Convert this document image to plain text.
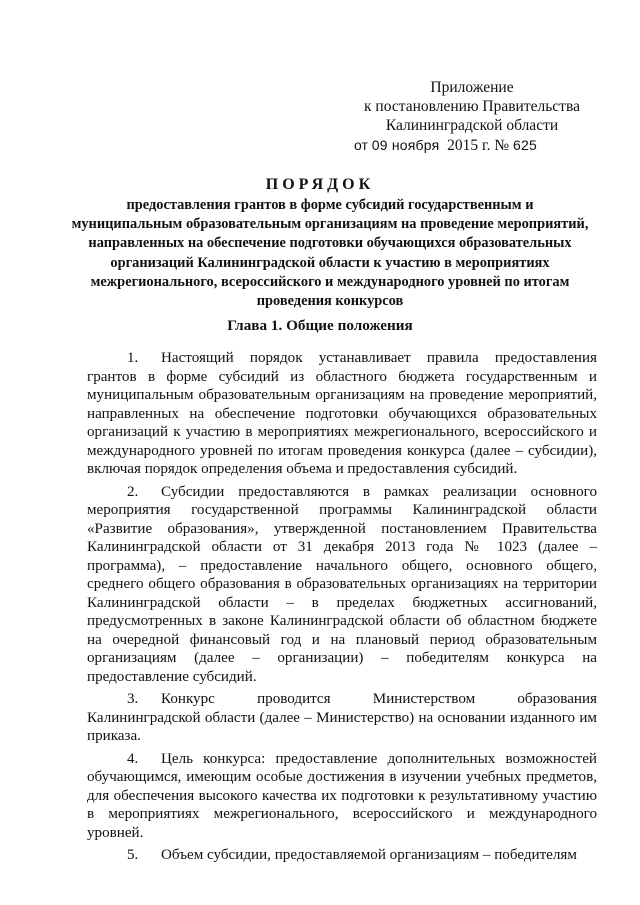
Приложение
к постановлению Правительства
Калининградской области
от 09 ноября 2015 г. № 625
ПОРЯДОК
предоставления грантов в форме субсидий государственным и муниципальным образовательным организациям на проведение мероприятий, направленных на обеспечение подготовки обучающихся образовательных организаций Калининградской области к участию в мероприятиях межрегионального, всероссийского и международного уровней по итогам проведения конкурсов
Глава 1. Общие положения

1. Настоящий порядок устанавливает правила предоставления грантов в форме субсидий из областного бюджета государственным и муниципальным образовательным организациям на проведение мероприятий, направленных на обеспечение подготовки обучающихся образовательных организаций к участию в мероприятиях межрегионального, всероссийского и международного уровней по итогам проведения конкурса (далее – субсидии), включая порядок определения объема и предоставления субсидий.

2. Субсидии предоставляются в рамках реализации основного мероприятия государственной программы Калининградской области «Развитие образования», утвержденной постановлением Правительства Калининградской области от 31 декабря 2013 года № 1023 (далее – программа), – предоставление начального общего, основного общего, среднего общего образования в образовательных организациях на территории Калининградской области – в пределах бюджетных ассигнований, предусмотренных в законе Калининградской области об областном бюджете на очередной финансовый год и на плановый период образовательным организациям (далее – организации) – победителям конкурса на предоставление субсидий.

3. Конкурс проводится Министерством образования Калининградской области (далее – Министерство) на основании изданного им приказа.

4. Цель конкурса: предоставление дополнительных возможностей обучающимся, имеющим особые достижения в изучении учебных предметов, для обеспечения высокого качества их подготовки к результативному участию в мероприятиях межрегионального, всероссийского и международного уровней.

5. Объем субсидии, предоставляемой организациям – победителям
